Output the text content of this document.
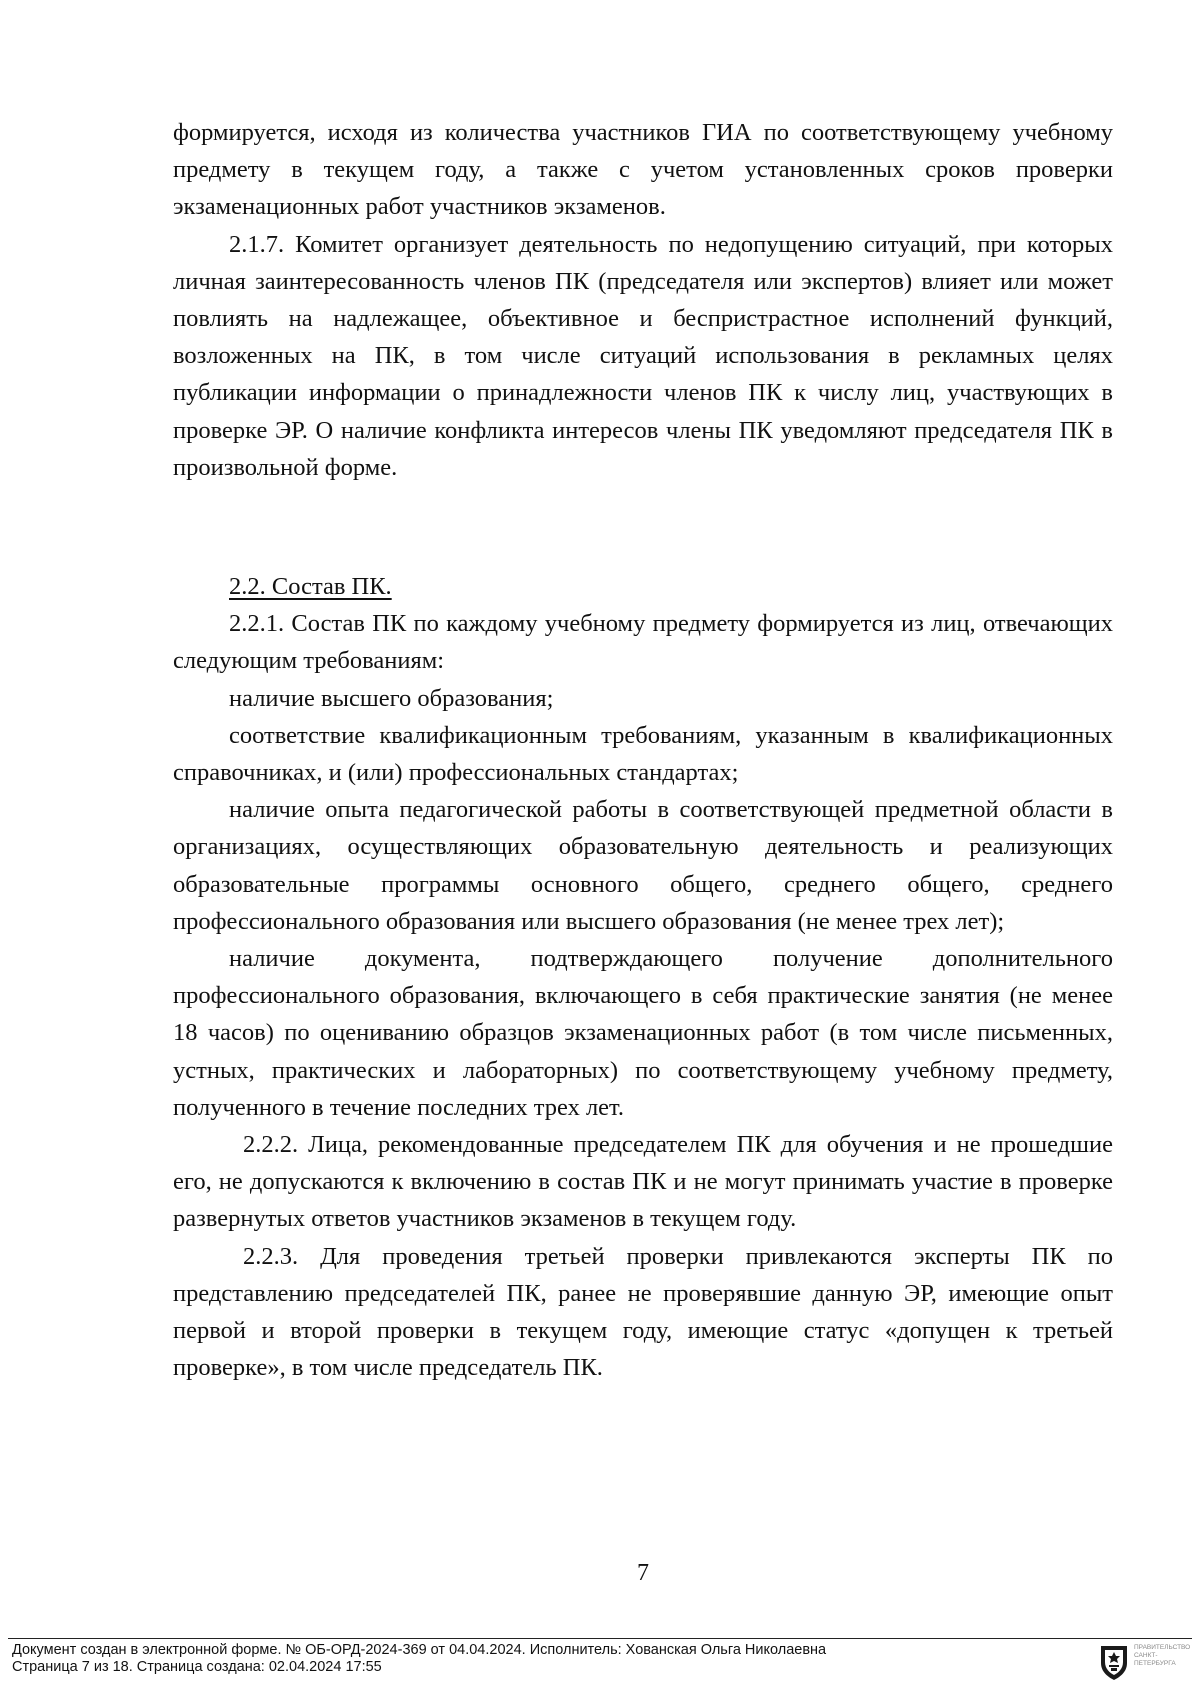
формируется, исходя из количества участников ГИА по соответствующему учебному предмету в текущем году, а также с учетом установленных сроков проверки экзаменационных работ участников экзаменов.

2.1.7. Комитет организует деятельность по недопущению ситуаций, при которых личная заинтересованность членов ПК (председателя или экспертов) влияет или может повлиять на надлежащее, объективное и беспристрастное исполнений функций, возложенных на ПК, в том числе ситуаций использования в рекламных целях публикации информации о принадлежности членов ПК к числу лиц, участвующих в проверке ЭР. О наличие конфликта интересов члены ПК уведомляют председателя ПК в произвольной форме.

2.2. Состав ПК.

2.2.1. Состав ПК по каждому учебному предмету формируется из лиц, отвечающих следующим требованиям:

наличие высшего образования;

соответствие квалификационным требованиям, указанным в квалификационных справочниках, и (или) профессиональных стандартах;

наличие опыта педагогической работы в соответствующей предметной области в организациях, осуществляющих образовательную деятельность и реализующих образовательные программы основного общего, среднего общего, среднего профессионального образования или высшего образования (не менее трех лет);

наличие документа, подтверждающего получение дополнительного профессионального образования, включающего в себя практические занятия (не менее 18 часов) по оцениванию образцов экзаменационных работ (в том числе письменных, устных, практических и лабораторных) по соответствующему учебному предмету, полученного в течение последних трех лет.

2.2.2. Лица, рекомендованные председателем ПК для обучения и не прошедшие его, не допускаются к включению в состав ПК и не могут принимать участие в проверке развернутых ответов участников экзаменов в текущем году.

2.2.3. Для проведения третьей проверки привлекаются эксперты ПК по представлению председателей ПК, ранее не проверявшие данную ЭР, имеющие опыт первой и второй проверки в текущем году, имеющие статус «допущен к третьей проверке», в том числе председатель ПК.

7
Документ создан в электронной форме. № ОБ-ОРД-2024-369 от 04.04.2024. Исполнитель: Хованская Ольга Николаевна
Страница 7 из 18. Страница создана: 02.04.2024 17:55
ПРАВИТЕЛЬСТВО
САНКТ-
ПЕТЕРБУРГА
